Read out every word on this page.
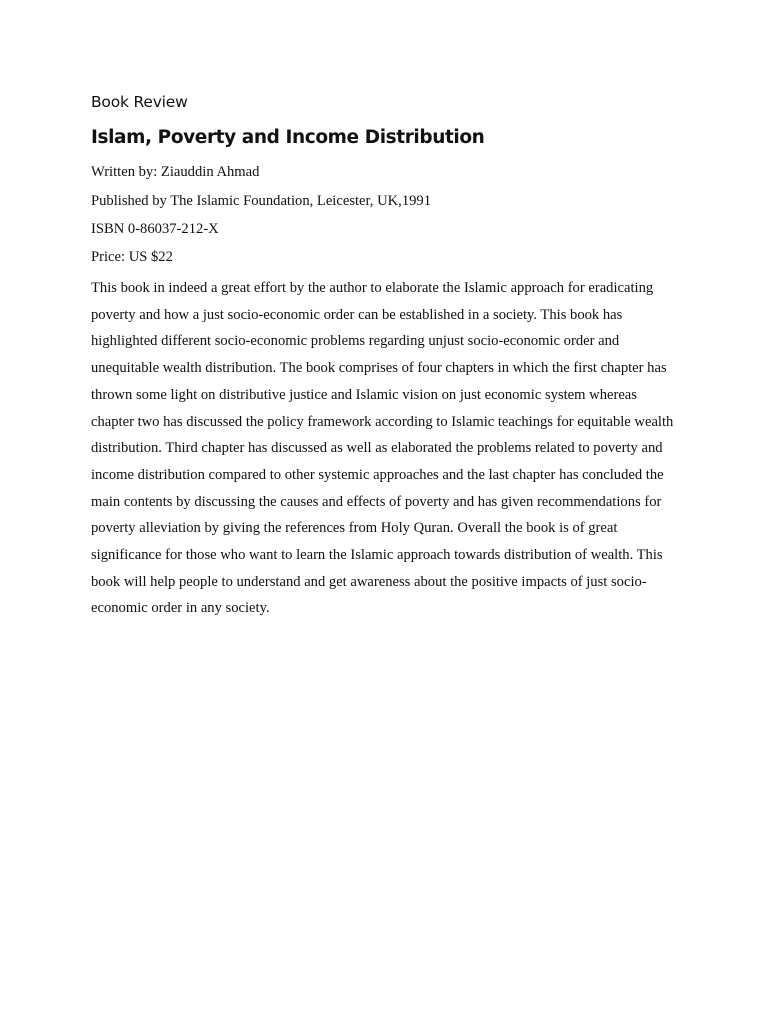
Book Review
Islam, Poverty and Income Distribution
Written by: Ziauddin Ahmad
Published by The Islamic Foundation, Leicester, UK,1991
ISBN 0-86037-212-X
Price: US $22

This book in indeed a great effort by the author to elaborate the Islamic approach for eradicating poverty and how a just socio-economic order can be established in a society. This book has highlighted different socio-economic problems regarding unjust socio-economic order and unequitable wealth distribution. The book comprises of four chapters in which the first chapter has thrown some light on distributive justice and Islamic vision on just economic system whereas chapter two has discussed the policy framework according to Islamic teachings for equitable wealth distribution. Third chapter has discussed as well as elaborated the problems related to poverty and income distribution compared to other systemic approaches and the last chapter has concluded the main contents by discussing the causes and effects of poverty and has given recommendations for poverty alleviation by giving the references from Holy Quran. Overall the book is of great significance for those who want to learn the Islamic approach towards distribution of wealth. This book will help people to understand and get awareness about the positive impacts of just socio-economic order in any society.
